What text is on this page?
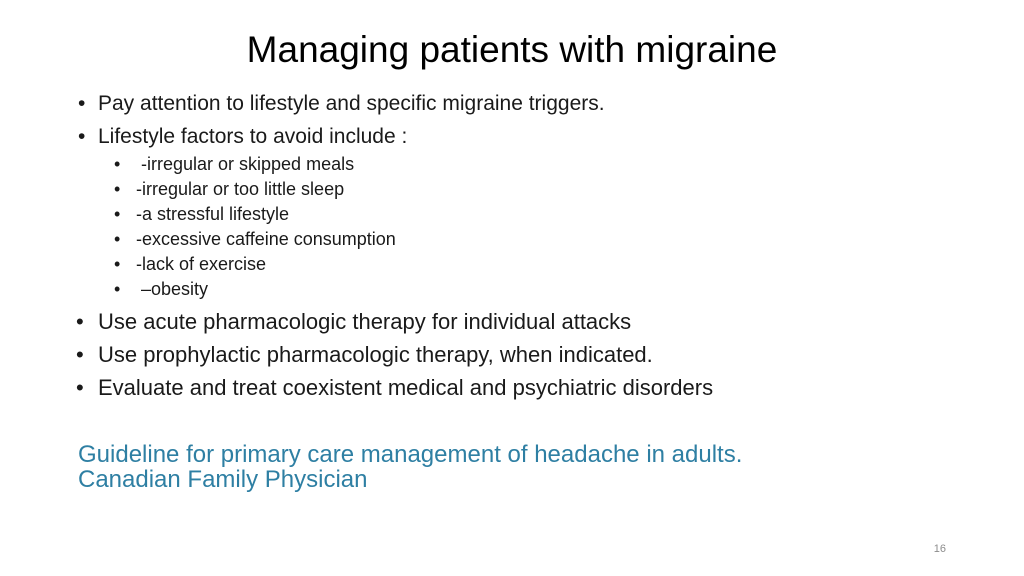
Managing patients with migraine
• Pay attention to lifestyle and specific migraine triggers.
• Lifestyle factors to avoid include :
• -irregular or skipped meals
• -irregular or too little sleep
• -a stressful lifestyle
• -excessive caffeine consumption
• -lack of exercise
• –obesity
• Use acute pharmacologic therapy for individual attacks
• Use prophylactic pharmacologic therapy, when indicated.
• Evaluate and treat coexistent medical and psychiatric disorders
Guideline for primary care management of headache in adults.
Canadian Family Physician
16
